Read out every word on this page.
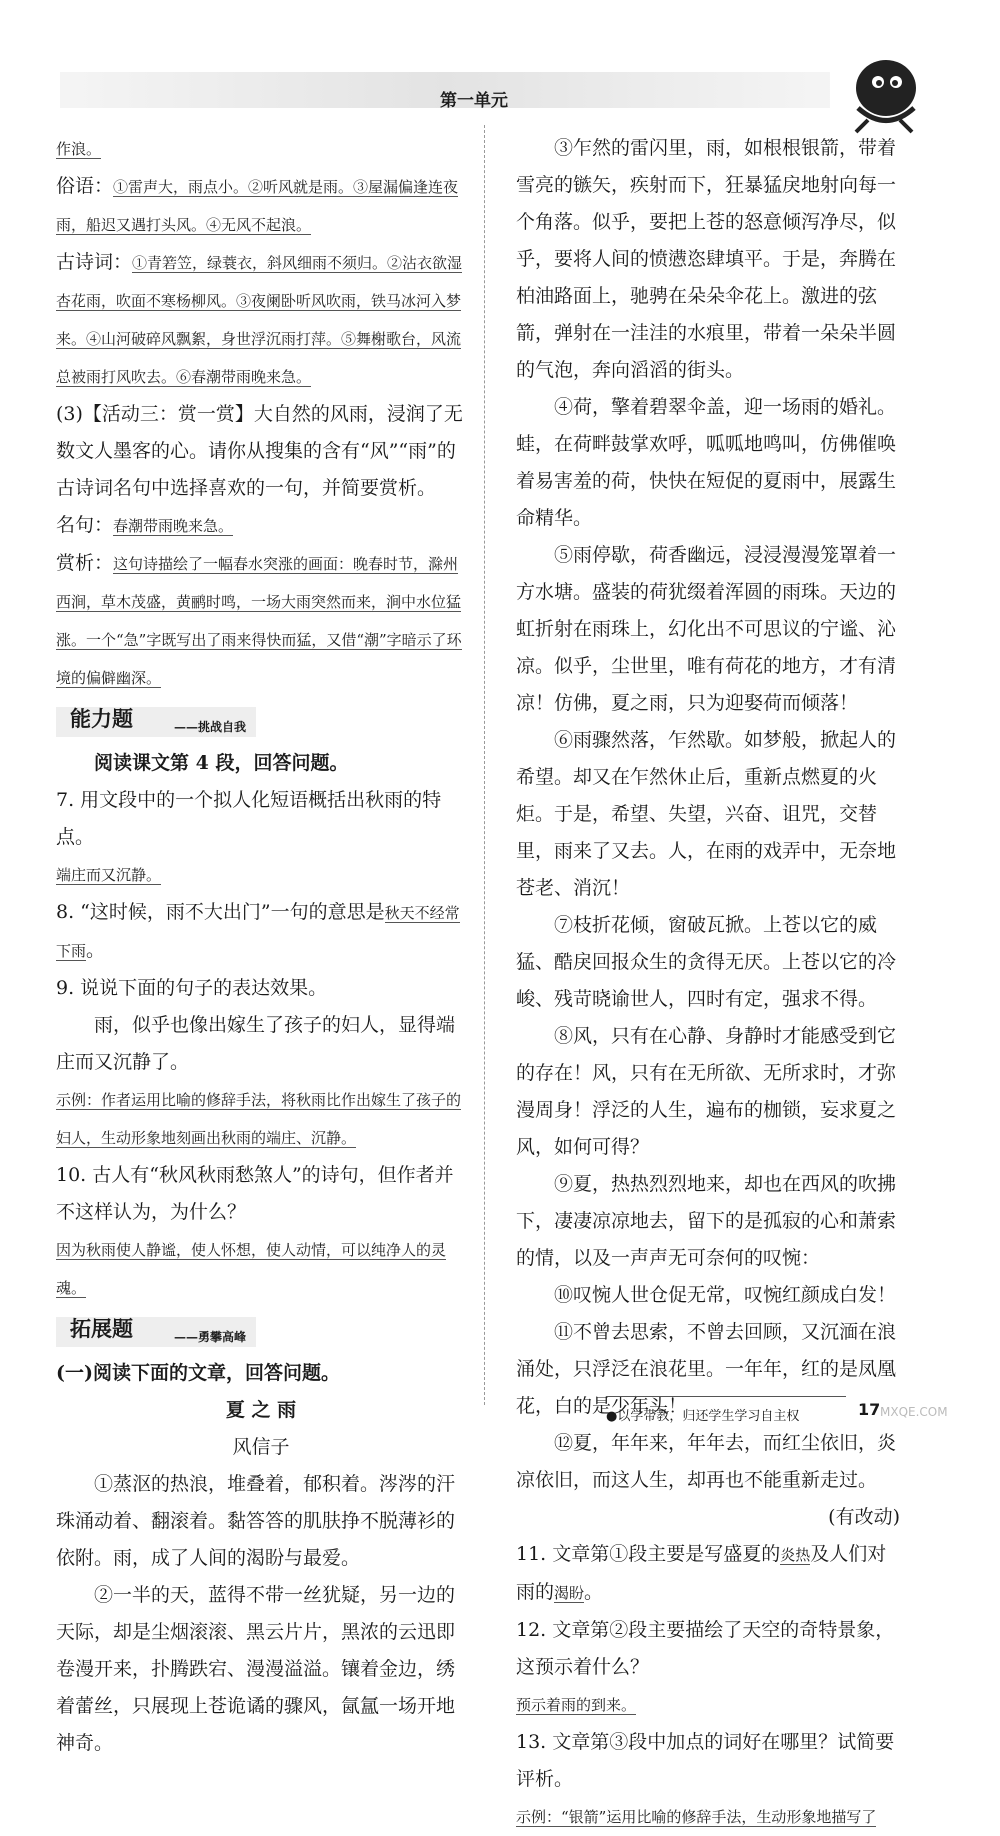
第一单元

作浪。

俗语：①雷声大，雨点小。②听风就是雨。③屋漏偏逢连夜雨，船迟又遇打头风。④无风不起浪。

古诗词：①青箬笠，绿蓑衣，斜风细雨不须归。②沾衣欲湿杏花雨，吹面不寒杨柳风。③夜阑卧听风吹雨，铁马冰河入梦来。④山河破碎风飘絮，身世浮沉雨打萍。⑤舞榭歌台，风流总被雨打风吹去。⑥春潮带雨晚来急。

(3)【活动三：赏一赏】大自然的风雨，浸润了无数文人墨客的心。请你从搜集的含有“风”“雨”的古诗词名句中选择喜欢的一句，并简要赏析。

名句：春潮带雨晚来急。

赏析：这句诗描绘了一幅春水突涨的画面：晚春时节，滁州西涧，草木茂盛，黄鹂时鸣，一场大雨突然而来，涧中水位猛涨。一个“急”字既写出了雨来得快而猛，又借“潮”字暗示了环境的偏僻幽深。

能力题	——挑战自我

阅读课文第 4 段，回答问题。

7. 用文段中的一个拟人化短语概括出秋雨的特点。

端庄而又沉静。

8. “这时候，雨不大出门”一句的意思是秋天不经常下雨。

9. 说说下面的句子的表达效果。

雨，似乎也像出嫁生了孩子的妇人，显得端庄而又沉静了。

示例：作者运用比喻的修辞手法，将秋雨比作出嫁生了孩子的妇人，生动形象地刻画出秋雨的端庄、沉静。

10. 古人有“秋风秋雨愁煞人”的诗句，但作者并不这样认为，为什么？

因为秋雨使人静谧，使人怀想，使人动情，可以纯净人的灵魂。

拓展题	——勇攀高峰

(一)阅读下面的文章，回答问题。

夏 之 雨

风信子

①蒸沤的热浪，堆叠着，郁积着。涔涔的汗珠涌动着、翻滚着。黏答答的肌肤挣不脱薄衫的依附。雨，成了人间的渴盼与最爱。

②一半的天，蓝得不带一丝犹疑，另一边的天际，却是尘烟滚滚、黑云片片，黑浓的云迅即卷漫开来，扑腾跌宕、漫漫溢溢。镶着金边，绣着蕾丝，只展现上苍诡谲的骤风，氤氲一场开地神奇。

③乍然的雷闪里，雨，如根根银箭，带着雪亮的镞矢，疾射而下，狂暴猛戾地射向每一个角落。似乎，要把上苍的怒意倾泻净尽，似乎，要将人间的愤懑恣肆填平。于是，奔腾在柏油路面上，驰骋在朵朵伞花上。激进的弦箭，弹射在一洼洼的水痕里，带着一朵朵半圆的气泡，奔向滔滔的街头。

④荷，擎着碧翠伞盖，迎一场雨的婚礼。蛙，在荷畔鼓掌欢呼，呱呱地鸣叫，仿佛催唤着易害羞的荷，快快在短促的夏雨中，展露生命精华。

⑤雨停歇，荷香幽远，浸浸漫漫笼罩着一方水塘。盛装的荷犹缀着浑圆的雨珠。天边的虹折射在雨珠上，幻化出不可思议的宁谧、沁凉。似乎，尘世里，唯有荷花的地方，才有清凉！仿佛，夏之雨，只为迎娶荷而倾落！

⑥雨骤然落，乍然歇。如梦般，掀起人的希望。却又在乍然休止后，重新点燃夏的火炬。于是，希望、失望，兴奋、诅咒，交替里，雨来了又去。人，在雨的戏弄中，无奈地苍老、消沉！

⑦枝折花倾，窗破瓦掀。上苍以它的威猛、酷戾回报众生的贪得无厌。上苍以它的冷峻、残苛晓谕世人，四时有定，强求不得。

⑧风，只有在心静、身静时才能感受到它的存在！风，只有在无所欲、无所求时，才弥漫周身！浮泛的人生，遍布的枷锁，妄求夏之风，如何可得？

⑨夏，热热烈烈地来，却也在西风的吹拂下，凄凄凉凉地去，留下的是孤寂的心和萧索的情，以及一声声无可奈何的叹惋：

⑩叹惋人世仓促无常，叹惋红颜成白发！

⑪不曾去思索，不曾去回顾，又沉湎在浪涌处，只浮泛在浪花里。一年年，红的是凤凰花，白的是少年头！

⑫夏，年年来，年年去，而红尘依旧，炎凉依旧，而这人生，却再也不能重新走过。

(有改动)

11. 文章第①段主要是写盛夏的炎热及人们对雨的渴盼。

12. 文章第②段主要描绘了天空的奇特景象，这预示着什么？

预示着雨的到来。

13. 文章第③段中加点的词好在哪里？试简要评析。

示例：“银箭”运用比喻的修辞手法，生动形象地描写了

●以学带教，归还学生学习自主权	17 MXQE.COM
